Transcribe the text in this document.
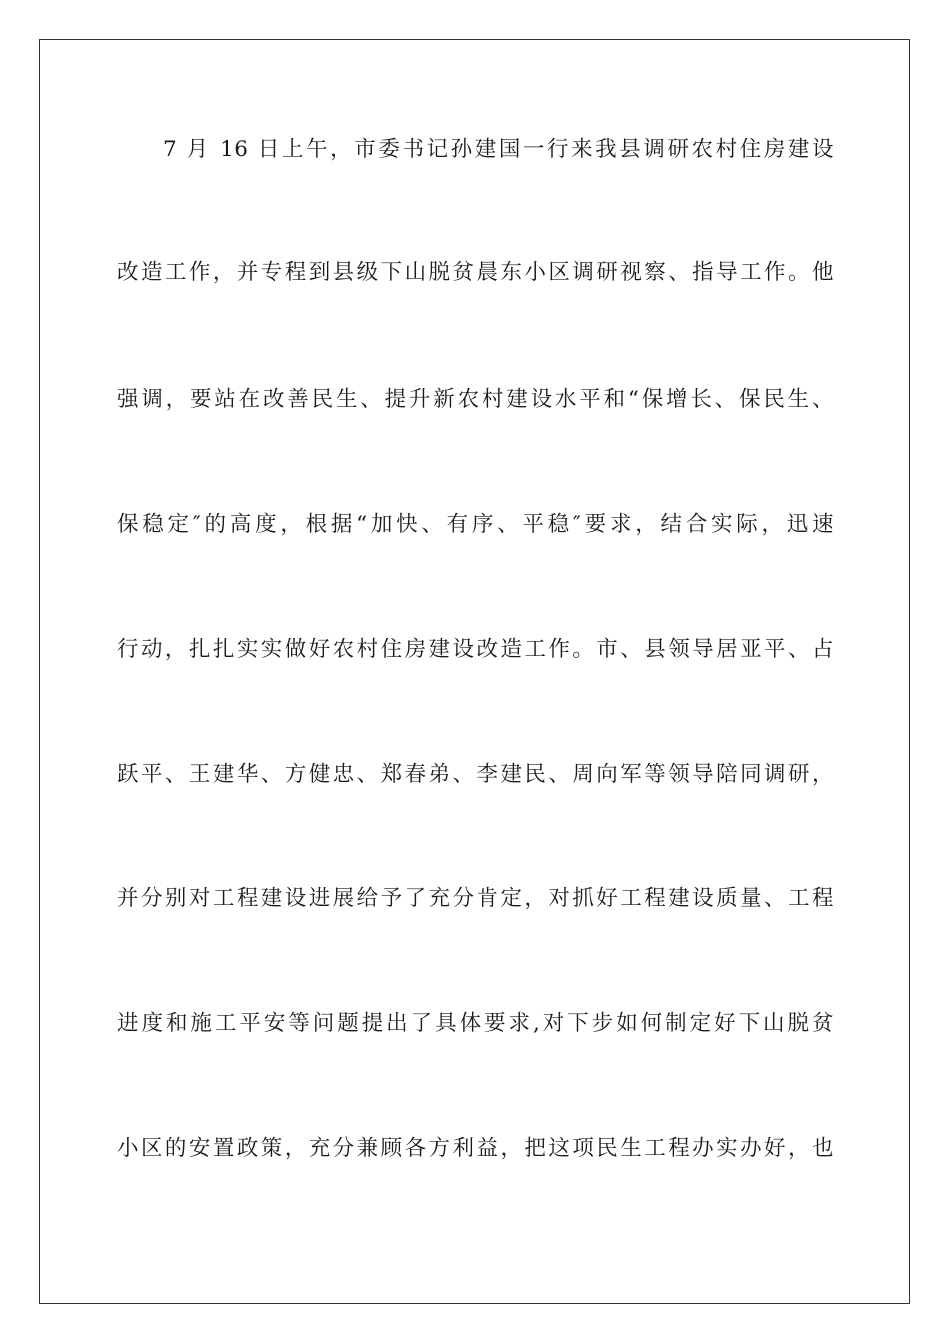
7 月 16 日上午，市委书记孙建国一行来我县调研农村住房建设
改造工作，并专程到县级下山脱贫晨东小区调研视察、指导工作。他
强调，要站在改善民生、提升新农村建设水平和“保增长、保民生、
保稳定″的高度，根据“加快、有序、平稳″要求，结合实际，迅速
行动，扎扎实实做好农村住房建设改造工作。市、县领导居亚平、占
跃平、王建华、方健忠、郑春弟、李建民、周向军等领导陪同调研，
并分别对工程建设进展给予了充分肯定，对抓好工程建设质量、工程
进度和施工平安等问题提出了具体要求,对下步如何制定好下山脱贫
小区的安置政策，充分兼顾各方利益，把这项民生工程办实办好，也
